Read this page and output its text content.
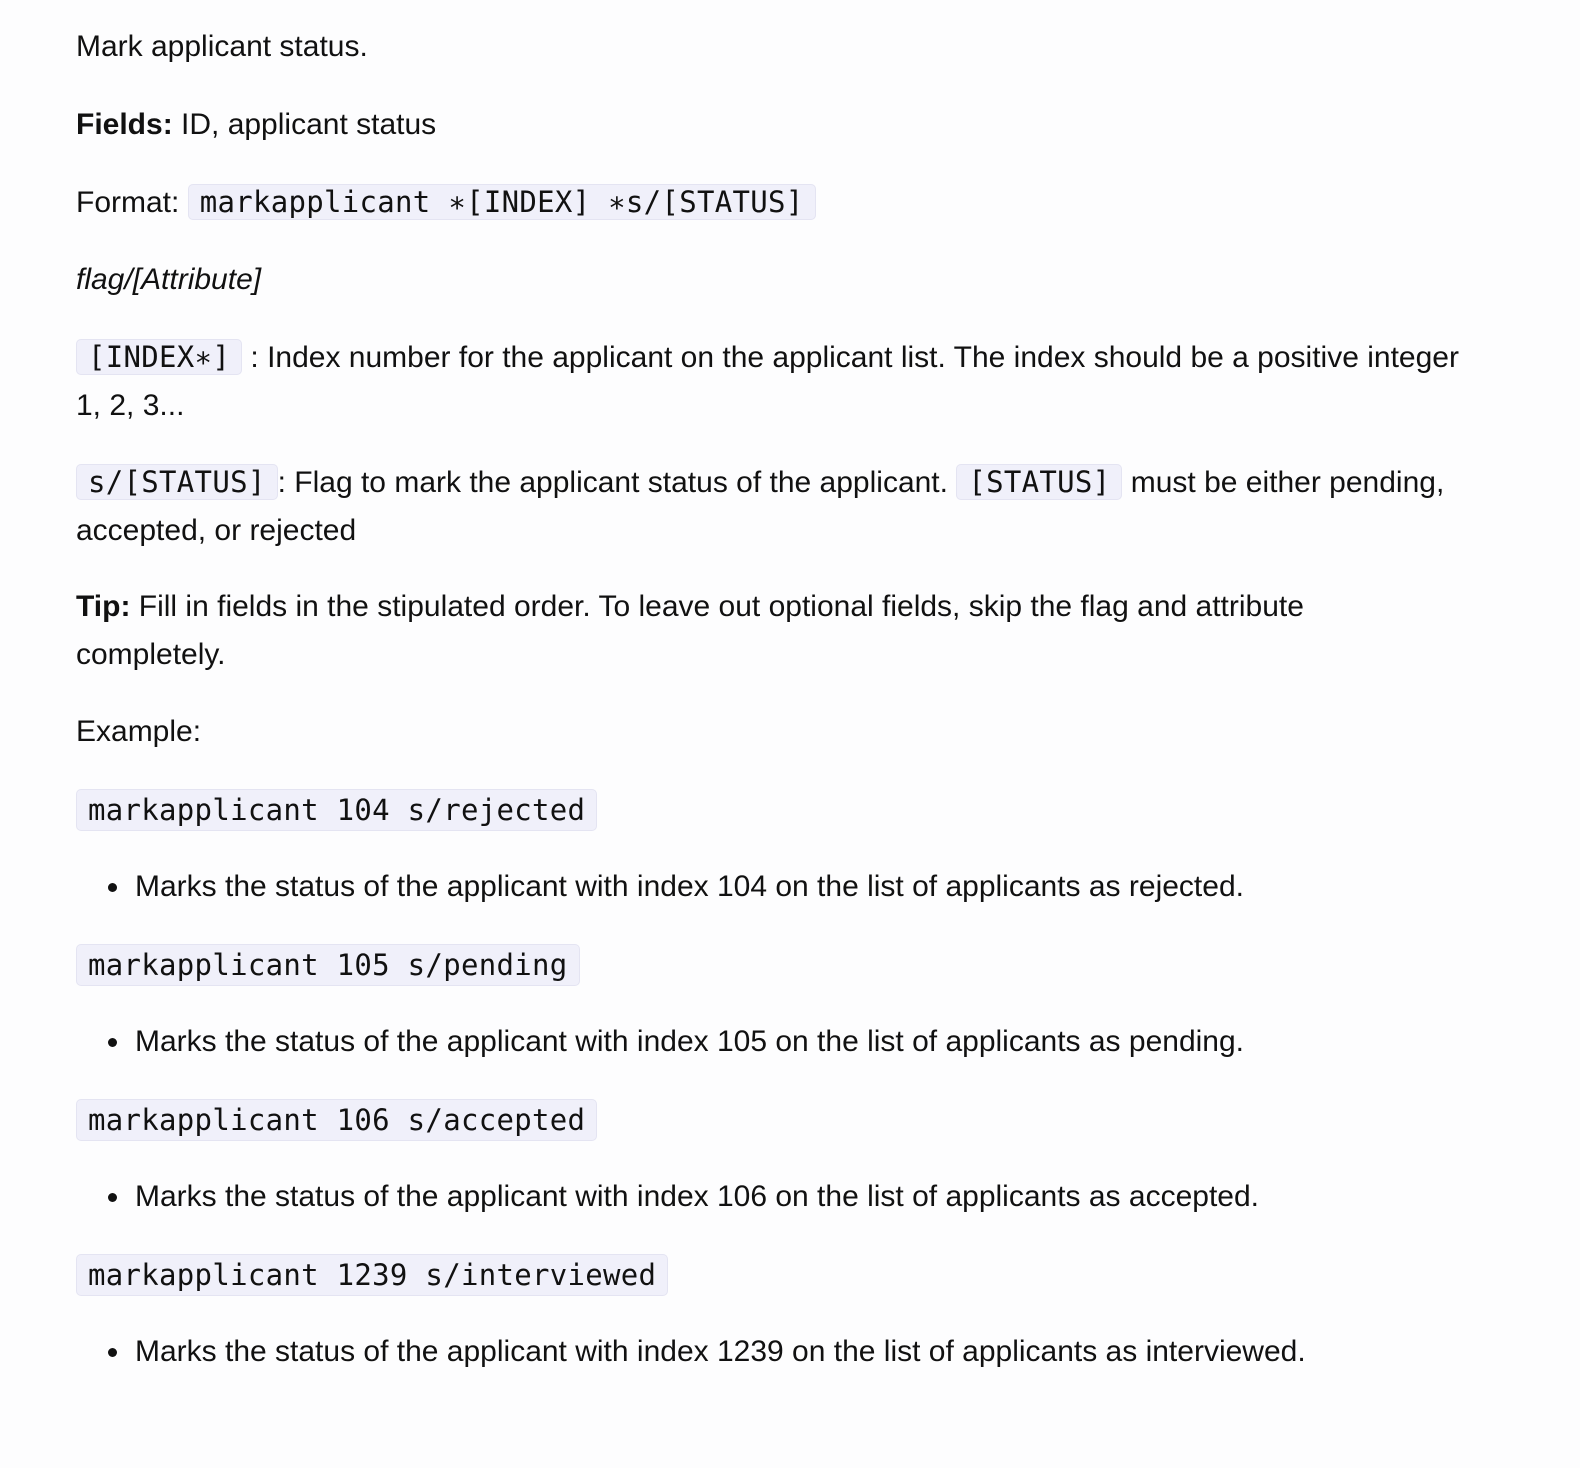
Mark applicant status.
Fields: ID, applicant status
Format: markapplicant ∗[INDEX] ∗s/[STATUS]
flag/[Attribute]
[INDEX∗] : Index number for the applicant on the applicant list. The index should be a positive integer 1, 2, 3...
s/[STATUS] : Flag to mark the applicant status of the applicant. [STATUS] must be either pending, accepted, or rejected
Tip: Fill in fields in the stipulated order. To leave out optional fields, skip the flag and attribute completely.
Example:
markapplicant 104 s/rejected
Marks the status of the applicant with index 104 on the list of applicants as rejected.
markapplicant 105 s/pending
Marks the status of the applicant with index 105 on the list of applicants as pending.
markapplicant 106 s/accepted
Marks the status of the applicant with index 106 on the list of applicants as accepted.
markapplicant 1239 s/interviewed
Marks the status of the applicant with index 1239 on the list of applicants as interviewed.
